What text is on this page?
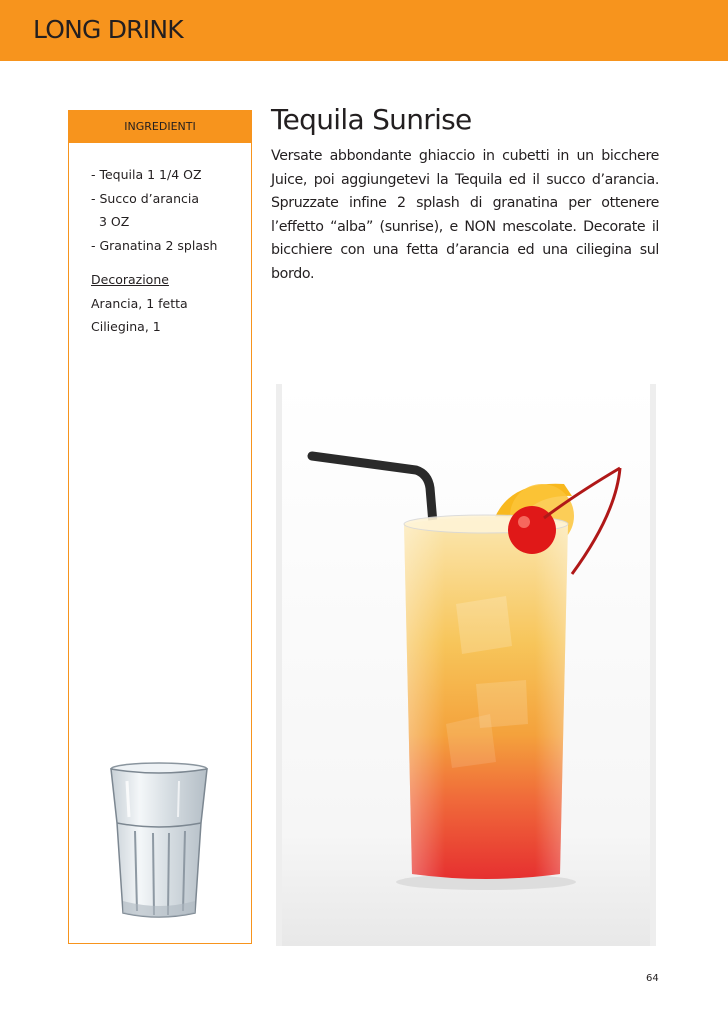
LONG DRINK
INGREDIENTI
- Tequila 1 1/4 OZ
- Succo d’arancia
3 OZ
- Granatina 2 splash
Decorazione
Arancia, 1 fetta
Ciliegina, 1
Tequila Sunrise
Versate abbondante ghiaccio in cubetti in un bicchere Juice, poi aggiungetevi la Tequila ed il succo d’arancia. Spruzzate infine 2 splash di granatina per ottenere l’effetto “alba” (sunrise), e NON mescolate. Decorate il bicchiere con una fetta d’arancia ed una ciliegina sul bordo.
64
